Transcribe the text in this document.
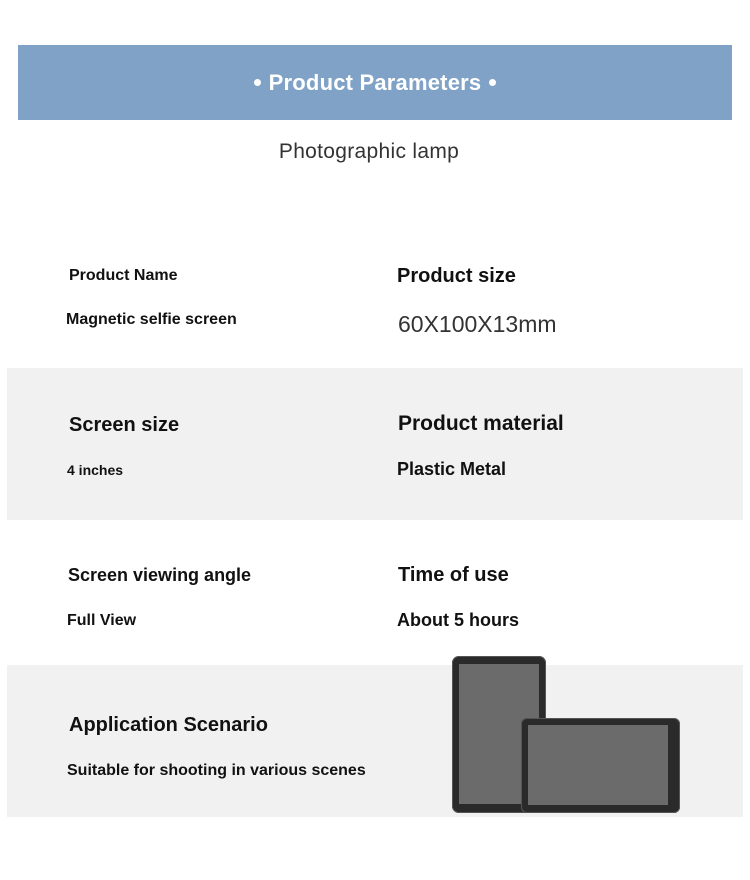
Product Parameters
Photographic lamp
Product Name
Magnetic selfie screen
Product size
60X100X13mm
Screen size
4 inches
Product material
Plastic Metal
Screen viewing angle
Full View
Time of use
About 5 hours
Application Scenario
Suitable for shooting in various scenes
